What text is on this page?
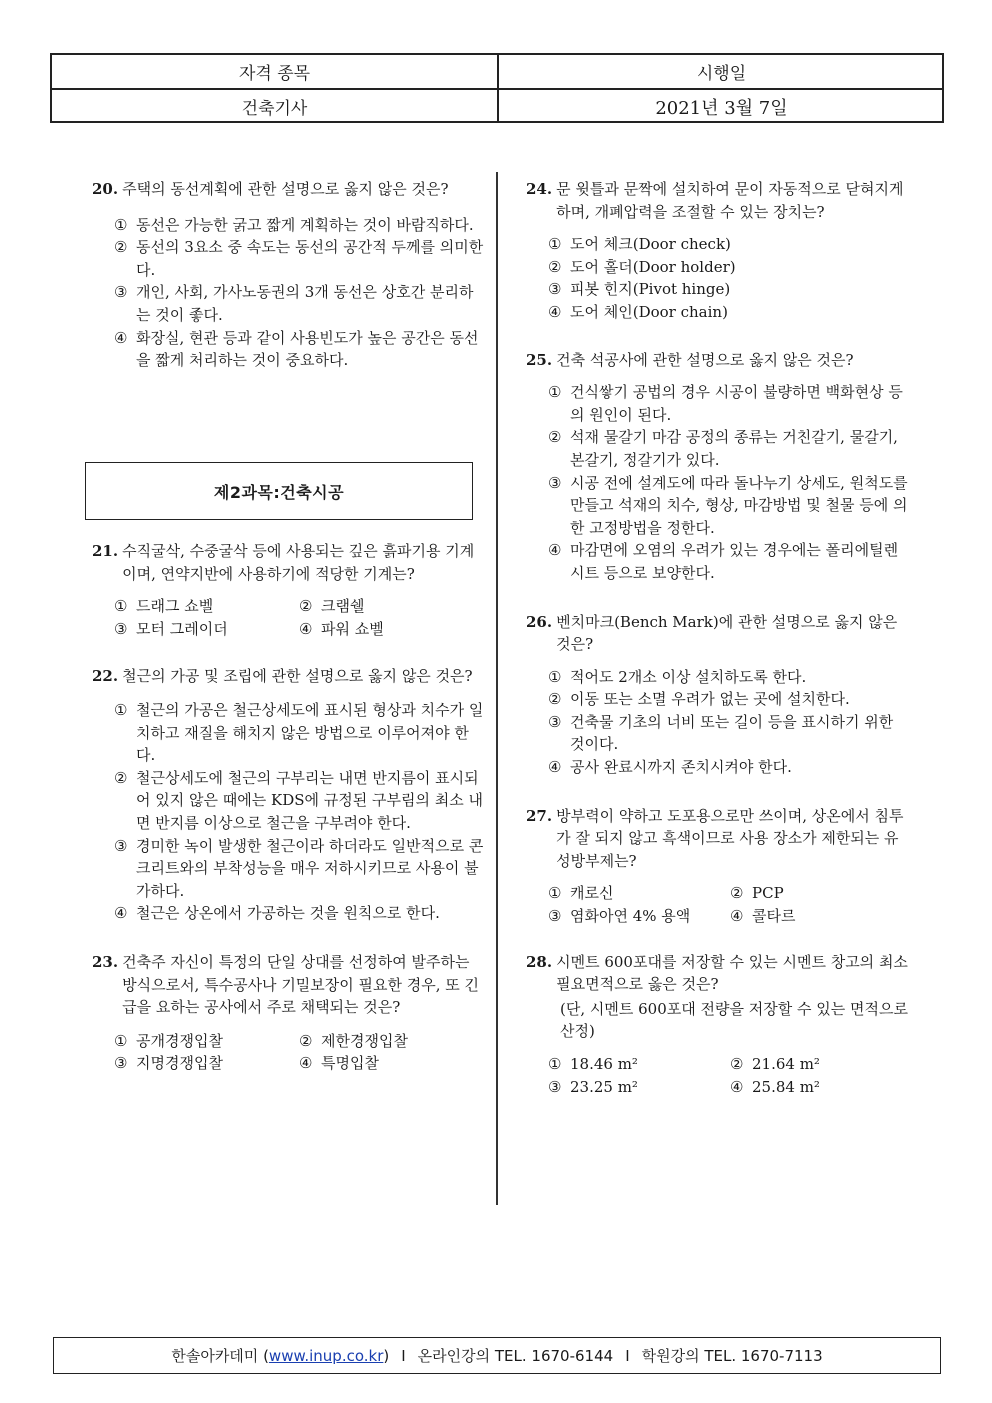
자격 종목	시행일
건축기사	2021년 3월 7일
20. 주택의 동선계획에 관한 설명으로 옳지 않은 것은?
① 동선은 가능한 굵고 짧게 계획하는 것이 바람직하다.
② 동선의 3요소 중 속도는 동선의 공간적 두께를 의미한다.
③ 개인, 사회, 가사노동권의 3개 동선은 상호간 분리하는 것이 좋다.
④ 화장실, 현관 등과 같이 사용빈도가 높은 공간은 동선을 짧게 처리하는 것이 중요하다.
제2과목:건축시공
21. 수직굴삭, 수중굴삭 등에 사용되는 깊은 흙파기용 기계이며, 연약지반에 사용하기에 적당한 기계는?
① 드래그 쇼벨	② 크램쉘
③ 모터 그레이더	④ 파워 쇼벨
22. 철근의 가공 및 조립에 관한 설명으로 옳지 않은 것은?
① 철근의 가공은 철근상세도에 표시된 형상과 치수가 일치하고 재질을 해치지 않은 방법으로 이루어져야 한다.
② 철근상세도에 철근의 구부리는 내면 반지름이 표시되어 있지 않은 때에는 KDS에 규정된 구부림의 최소 내면 반지름 이상으로 철근을 구부려야 한다.
③ 경미한 녹이 발생한 철근이라 하더라도 일반적으로 콘크리트와의 부착성능을 매우 저하시키므로 사용이 불가하다.
④ 철근은 상온에서 가공하는 것을 원칙으로 한다.
23. 건축주 자신이 특정의 단일 상대를 선정하여 발주하는 방식으로서, 특수공사나 기밀보장이 필요한 경우, 또 긴급을 요하는 공사에서 주로 채택되는 것은?
① 공개경쟁입찰	② 제한경쟁입찰
③ 지명경쟁입찰	④ 특명입찰
24. 문 윗틀과 문짝에 설치하여 문이 자동적으로 닫혀지게 하며, 개폐압력을 조절할 수 있는 장치는?
① 도어 체크(Door check)
② 도어 홀더(Door holder)
③ 피봇 힌지(Pivot hinge)
④ 도어 체인(Door chain)
25. 건축 석공사에 관한 설명으로 옳지 않은 것은?
① 건식쌓기 공법의 경우 시공이 불량하면 백화현상 등의 원인이 된다.
② 석재 물갈기 마감 공정의 종류는 거친갈기, 물갈기, 본갈기, 정갈기가 있다.
③ 시공 전에 설계도에 따라 돌나누기 상세도, 원척도를 만들고 석재의 치수, 형상, 마감방법 및 철물 등에 의한 고정방법을 정한다.
④ 마감면에 오염의 우려가 있는 경우에는 폴리에틸렌 시트 등으로 보양한다.
26. 벤치마크(Bench Mark)에 관한 설명으로 옳지 않은 것은?
① 적어도 2개소 이상 설치하도록 한다.
② 이동 또는 소멸 우려가 없는 곳에 설치한다.
③ 건축물 기초의 너비 또는 길이 등을 표시하기 위한 것이다.
④ 공사 완료시까지 존치시켜야 한다.
27. 방부력이 약하고 도포용으로만 쓰이며, 상온에서 침투가 잘 되지 않고 흑색이므로 사용 장소가 제한되는 유성방부제는?
① 캐로신	② PCP
③ 염화아연 4% 용액	④ 콜타르
28. 시멘트 600포대를 저장할 수 있는 시멘트 창고의 최소 필요면적으로 옳은 것은?
(단, 시멘트 600포대 전량을 저장할 수 있는 면적으로 산정)
① 18.46 m²	② 21.64 m²
③ 23.25 m²	④ 25.84 m²
한솔아카데미 ( www.inup.co.kr ) I 온라인강의 TEL. 1670-6144 I 학원강의 TEL. 1670-7113
